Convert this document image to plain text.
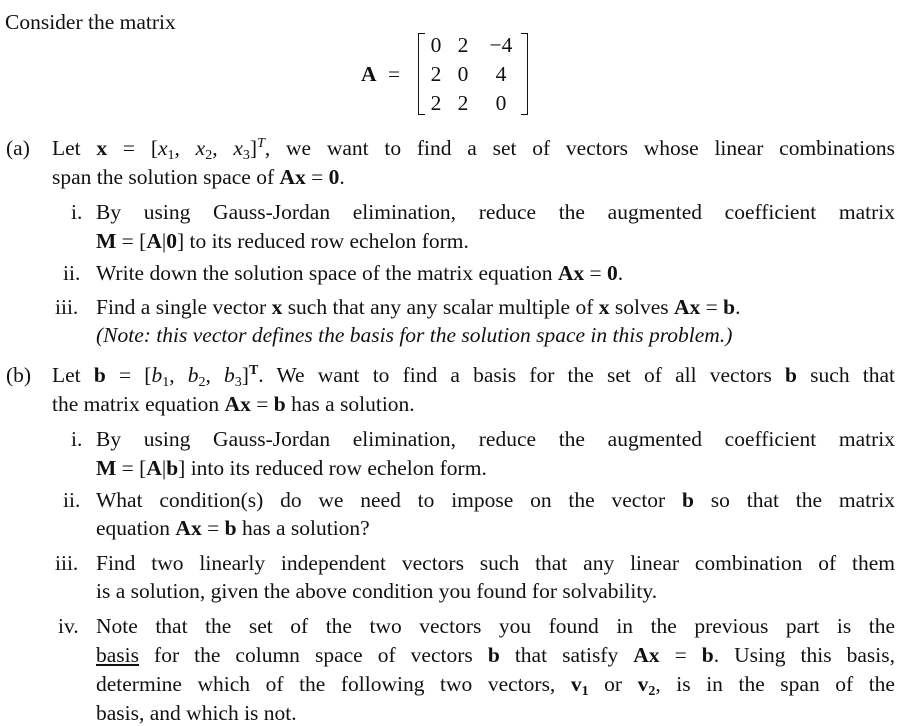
Consider the matrix
A =
0 2 −4
2 0	4
2 2	0
(a) Let $x = [x_1$, $x_2$, $x_3]^T$, we want to find a set of vectors whose linear combinations
span the solution space of Ax = 0.
i. By using Gauss-Jordan elimination, reduce the augmented coefficient matrix
M = [A|0] to its reduced row echelon form.
ii. Write down the solution space of the matrix equation Ax = 0.
iii. Find a single vector x such that any any scalar multiple of x solves Ax = b.
(Note: this vector defines the basis for the solution space in this problem.)
(b) Let $b = [b_1$, $b_2$, $b_3]^T$. We want to find a basis for the set of all vectors b such that
the matrix equation Ax = b has a solution.
i. By using Gauss-Jordan elimination, reduce the augmented coefficient matrix
M = [A|b] into its reduced row echelon form.
ii. What condition(s) do we need to impose on the vector b so that the matrix
equation Ax = b has a solution?
iii. Find two linearly independent vectors such that any linear combination of them
is a solution, given the above condition you found for solvability.
iv. Note that the set of the two vectors you found in the previous part is the
basis for the column space of vectors b that satisfy Ax = b. Using this basis,
determine which of the following two vectors, $v_1$ or $v_2$, is in the span of the
basis, and which is not.
